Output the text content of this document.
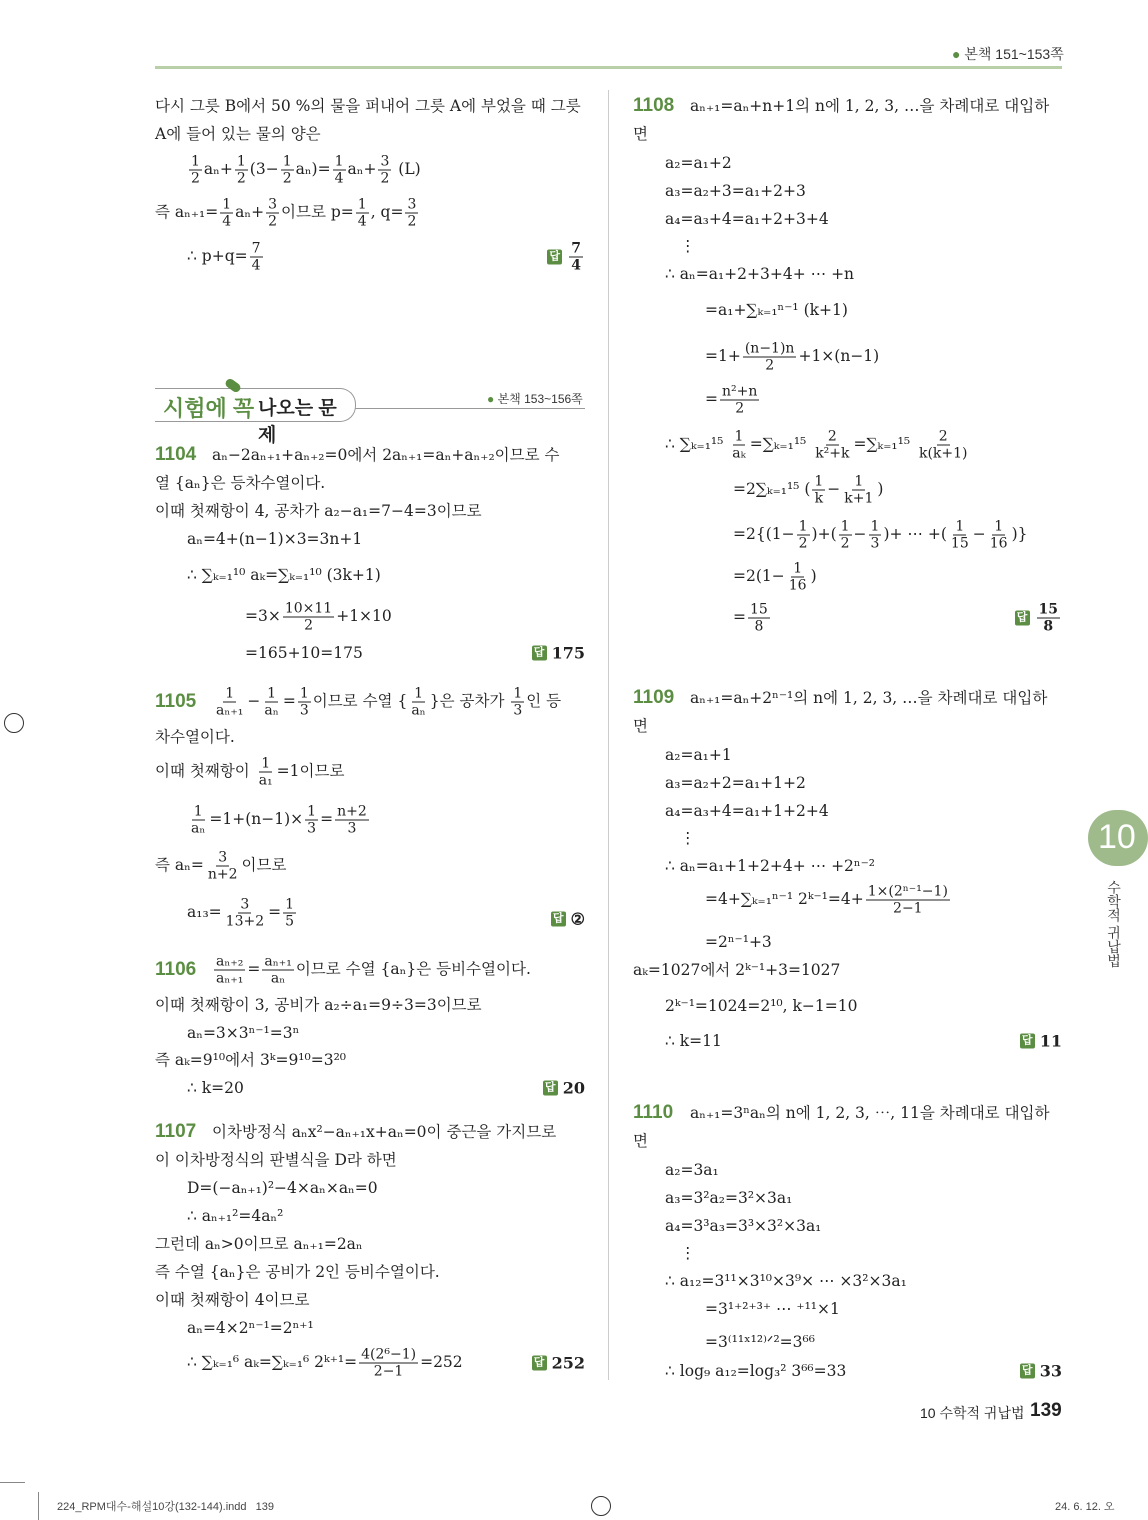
● 본책 151~153쪽
시험에 꼭 나오는 문제
● 본책 153~156쪽
다시 그릇 B에서 50 %의 물을 퍼내어 그릇 A에 부었을 때 그릇
A에 들어 있는 물의 양은
$\frac{1}{2} a_n+ \frac{1}{2} (3- \frac{1}{2} a_n)= \frac{1}{4} a_n+ \frac{3}{2} (L)$
즉 $a_{n+1}= \frac{1}{4} a_n+ \frac{3}{2}$ 이므로 $p= \frac{1}{4}$ , $q= \frac{3}{2}$
∴ $p+q= \frac{7}{4}$	답 $\frac{7}{4}$
1104 aₙ−2aₙ₊₁+aₙ₊₂=0에서 2aₙ₊₁=aₙ+aₙ₊₂이므로 수
열 {aₙ}은 등차수열이다.
이때 첫째항이 4, 공차가 a₂−a₁=7−4=3이므로
aₙ=4+(n−1)×3=3n+1
∴ ∑ₖ₌₁¹⁰ aₖ=∑ₖ₌₁¹⁰ (3k+1)
$=3\times \frac{10\times 11}{2} +1\times 10$
=165+10=175	답 175
$1105 \frac{1}{\text{aₙ₊₁}} - \frac{1}{\text{aₙ}} = \frac{1}{3}$ 이므로 수열 { $\frac{1}{\text{aₙ}}$ }은 공차가 $\frac{1}{3}$ 인 등
차수열이다.
이때 첫째항이 $\frac{1}{\text{a₁}} =1$이므로
$\frac{1}{\text{aₙ}} =1+(n-1)\times \frac{1}{3} = \frac{n+2}{3}$
즉 $a_n= \frac{3}{n+2}$ 이므로
$a_{13}= \frac{3}{13+2} = \frac{1}{5}$	답 ②
$1106 \frac{\text{aₙ₊₂}}{\text{aₙ₊₁}} = \frac{\text{aₙ₊₁}}{\text{aₙ}}$ 이므로 수열 {aₙ}은 등비수열이다.
이때 첫째항이 3, 공비가 a₂÷a₁=9÷3=3이므로
aₙ=3×3ⁿ⁻¹=3ⁿ
즉 aₖ=9¹⁰에서 3ᵏ=9¹⁰=3²⁰
∴ k=20	답 20
1107 이차방정식 aₙx²−aₙ₊₁x+aₙ=0이 중근을 가지므로
이 이차방정식의 판별식을 D라 하면
D=(−aₙ₊₁)²−4×aₙ×aₙ=0
∴ aₙ₊₁²=4aₙ²
그런데 aₙ>0이므로 aₙ₊₁=2aₙ
즉 수열 {aₙ}은 공비가 2인 등비수열이다.
이때 첫째항이 4이므로
aₙ=4×2ⁿ⁻¹=2ⁿ⁺¹
∴ ∑ₖ₌₁⁶ aₖ=∑ₖ₌₁⁶ 2ᵏ⁺¹= $\frac{\text{4(2⁶−1)}}{2-1} =252$	답 252
1108 aₙ₊₁=aₙ+n+1의 n에 1, 2, 3, …을 차례대로 대입하
면
a₂=a₁+2
a₃=a₂+3=a₁+2+3
a₄=a₃+4=a₁+2+3+4
⋮
∴ aₙ=a₁+2+3+4+ ⋯ +n
=a₁+∑ₖ₌₁ⁿ⁻¹ (k+1)
$=1+ \frac{(n-1)n}{2} +1\times(n-1)$
= $\frac{\text{n²+n}}{2}$
∴ $\sum_{k=1}^{15} \frac{1}{\text{aₖ}} =\sum_{k=1}^{15} \frac{2}{\text{k²+k}} =\sum_{k=1}^{15} \frac{2}{k(k+1)}$
=2∑ₖ₌₁¹⁵ ( $\frac{1}{k} - \frac{1}{k+1}$ )
$=2\{(1- \frac{1}{2}$ )+( $\frac{1}{2} - \frac{1}{3}$ )+ ⋯ +( $\frac{1}{15} - \frac{1}{16}$ )}
$=2(1- \frac{1}{16}$ )
= $\frac{15}{8}$	답 $\frac{15}{8}$
1109 aₙ₊₁=aₙ+2ⁿ⁻¹의 n에 1, 2, 3, …을 차례대로 대입하
면
a₂=a₁+1
a₃=a₂+2=a₁+1+2
a₄=a₃+4=a₁+1+2+4
⋮
∴ aₙ=a₁+1+2+4+ ⋯ +2ⁿ⁻²
=4+∑ₖ₌₁ⁿ⁻¹ 2ᵏ⁻¹=4+ $\frac{\text{1×(2ⁿ⁻¹−1)}}{2-1}$
=2ⁿ⁻¹+3
aₖ=1027에서 2ᵏ⁻¹+3=1027
2ᵏ⁻¹=1024=2¹⁰, k−1=10
∴ k=11	답 11
1110 aₙ₊₁=3ⁿaₙ의 n에 1, 2, 3, ⋯, 11을 차례대로 대입하
면
a₂=3a₁
a₃=3²a₂=3²×3a₁
a₄=3³a₃=3³×3²×3a₁
⋮
∴ a₁₂=3¹¹×3¹⁰×3⁹× ⋯ ×3²×3a₁
=3¹⁺²⁺³⁺ ⋯ ⁺¹¹×1
=3⁽¹¹ˣ¹²⁾ᐟ²=3⁶⁶
∴ log₉ a₁₂=log₃² 3⁶⁶=33	답 33
10
수학적 귀납법
10 수학적 귀납법 139
224_RPM대수-해설10강(132-144).indd   139	24. 6. 12. 오
